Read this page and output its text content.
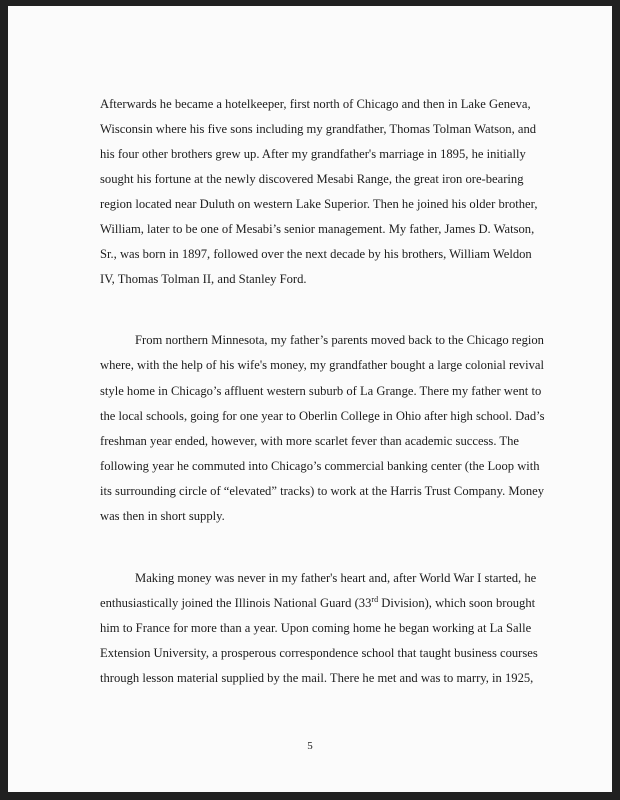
Afterwards he became a hotelkeeper, first north of Chicago and then in Lake Geneva,
Wisconsin where his five sons including my grandfather, Thomas Tolman Watson, and
his four other brothers grew up. After my grandfather's marriage in 1895, he initially
sought his fortune at the newly discovered Mesabi Range, the great iron ore-bearing
region located near Duluth on western Lake Superior. Then he joined his older brother,
William, later to be one of Mesabi’s senior management. My father, James D. Watson,
Sr., was born in 1897, followed over the next decade by his brothers, William Weldon
IV, Thomas Tolman II, and Stanley Ford.
From northern Minnesota, my father’s parents moved back to the Chicago region
where, with the help of his wife's money, my grandfather bought a large colonial revival
style home in Chicago’s affluent western suburb of La Grange. There my father went to
the local schools, going for one year to Oberlin College in Ohio after high school. Dad’s
freshman year ended, however, with more scarlet fever than academic success. The
following year he commuted into Chicago’s commercial banking center (the Loop with
its surrounding circle of “elevated” tracks) to work at the Harris Trust Company. Money
was then in short supply.
Making money was never in my father's heart and, after World War I started, he
enthusiastically joined the Illinois National Guard (33rd Division), which soon brought
him to France for more than a year. Upon coming home he began working at La Salle
Extension University, a prosperous correspondence school that taught business courses
through lesson material supplied by the mail. There he met and was to marry, in 1925,
5
